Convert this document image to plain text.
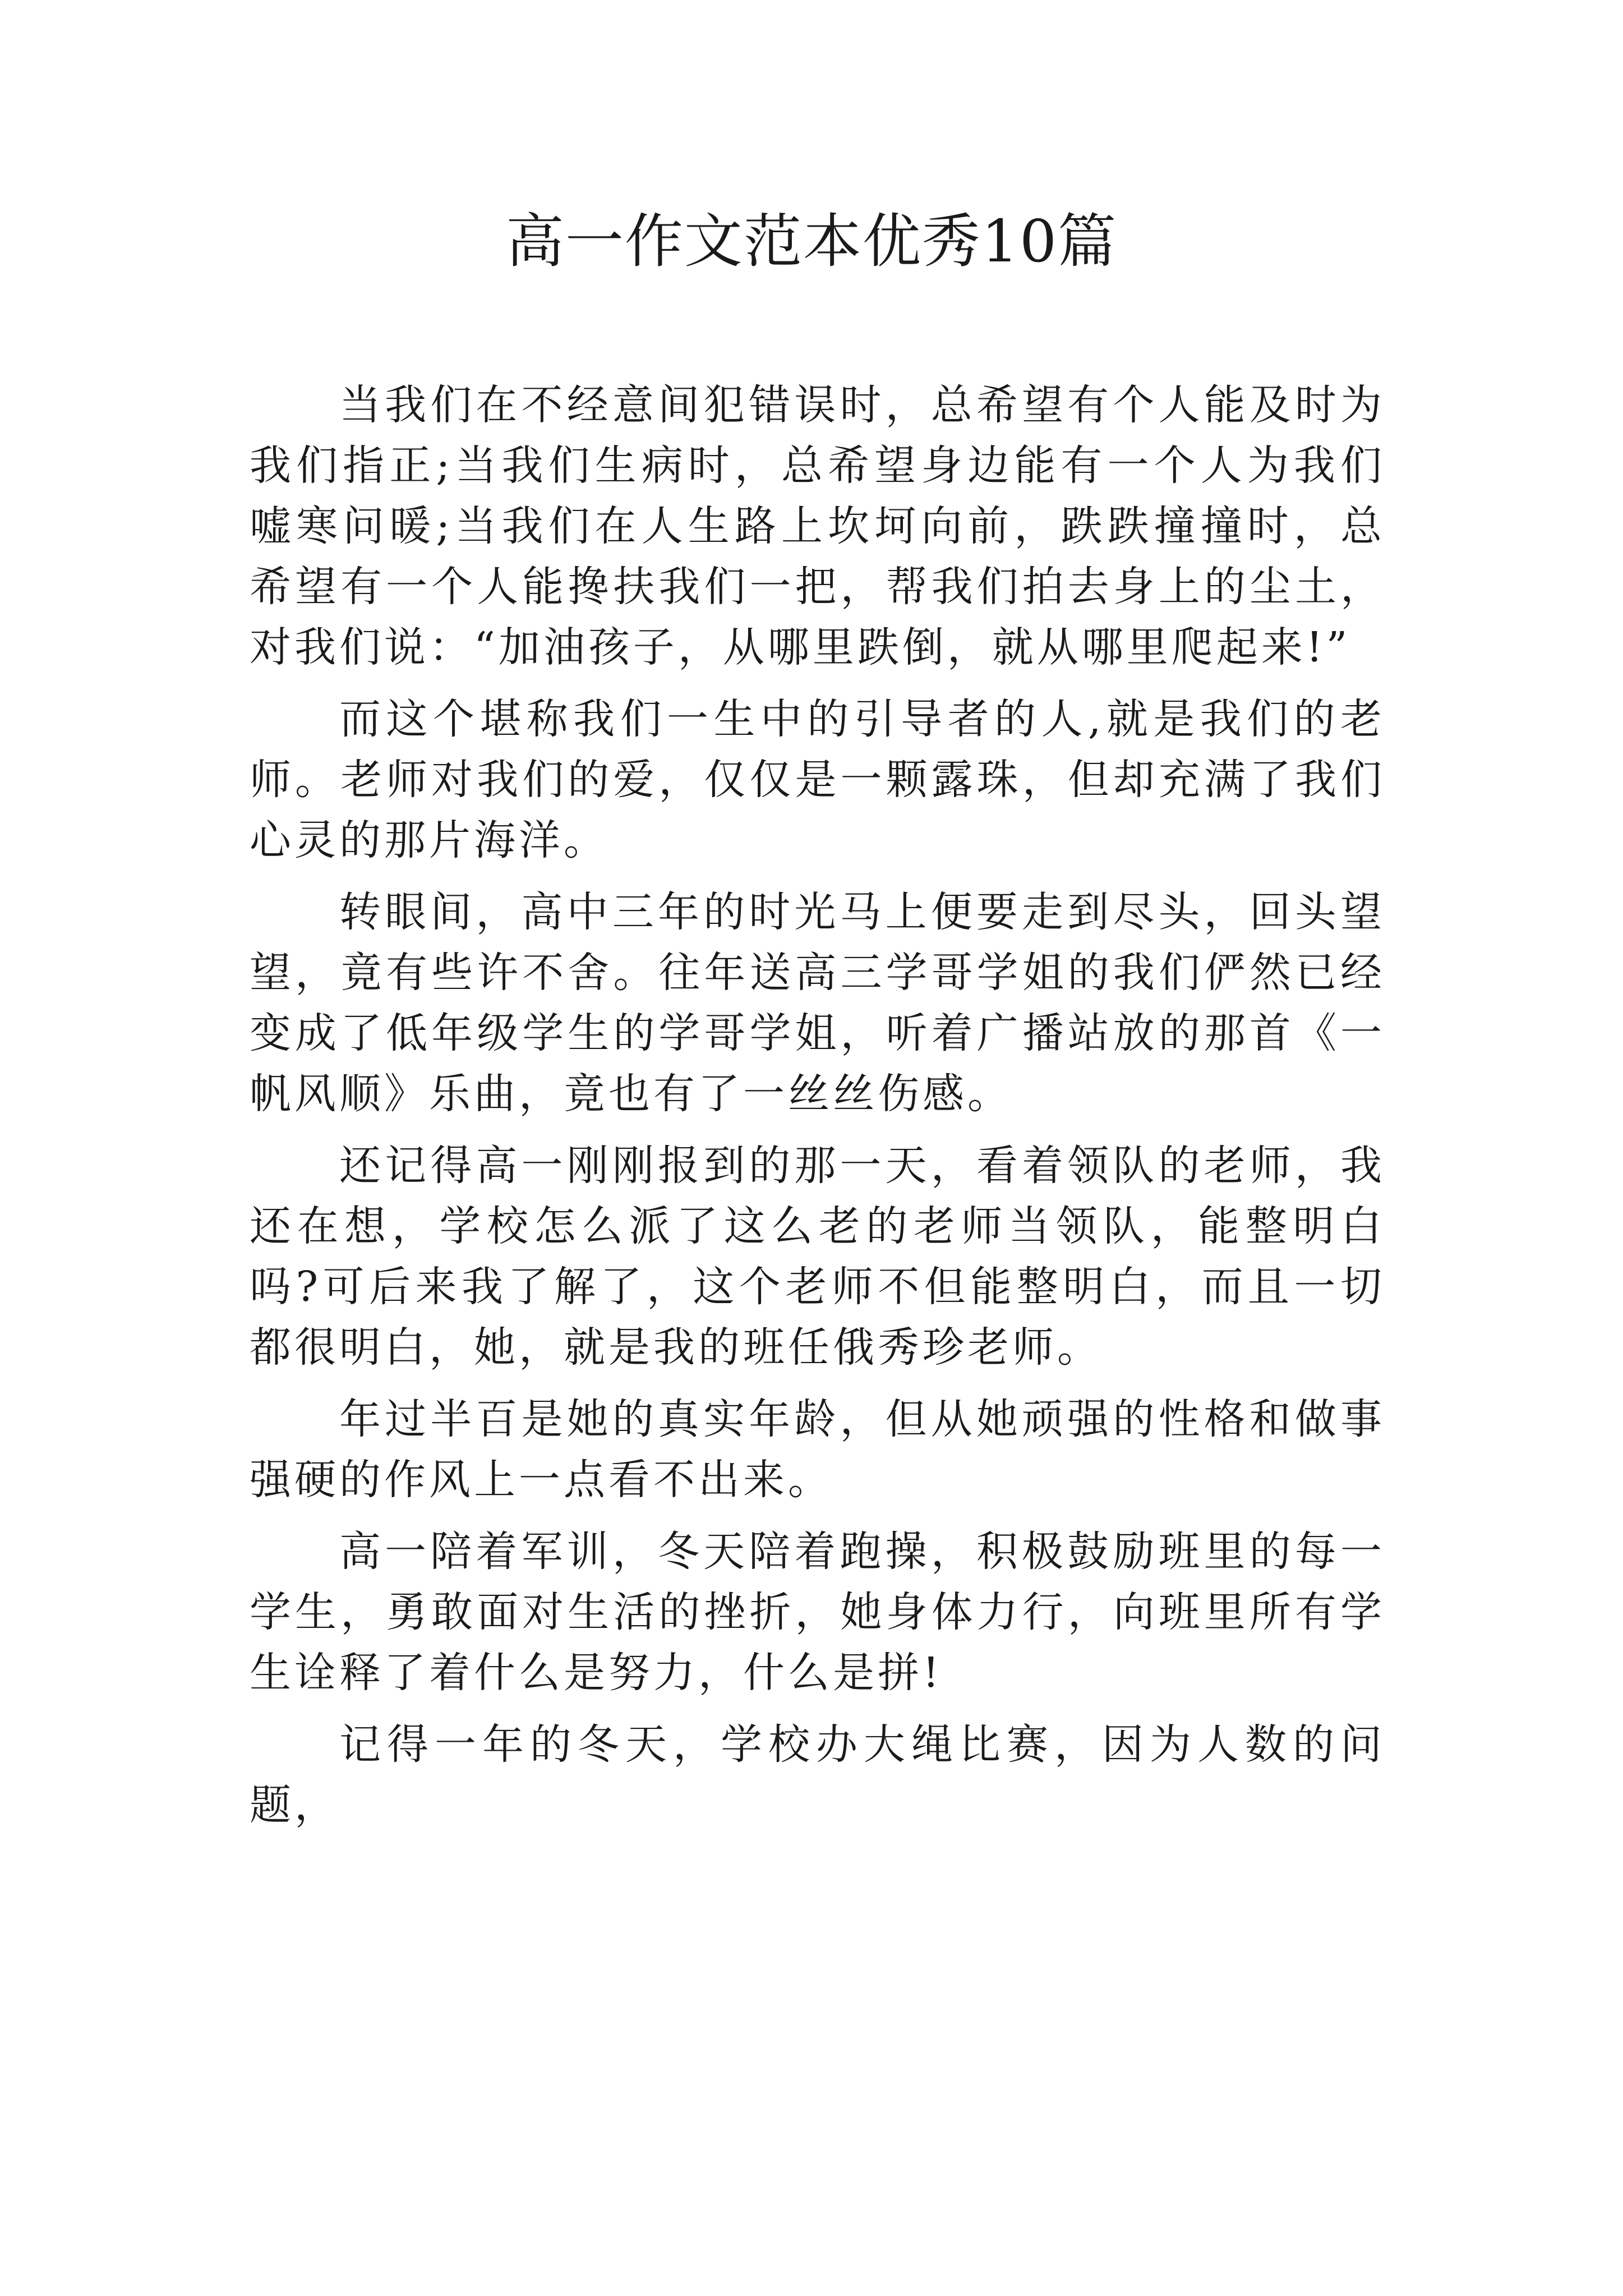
高一作文范本优秀10篇

当我们在不经意间犯错误时，总希望有个人能及时为我们指正;当我们生病时，总希望身边能有一个人为我们嘘寒问暖;当我们在人生路上坎坷向前，跌跌撞撞时，总希望有一个人能搀扶我们一把，帮我们拍去身上的尘土，对我们说：“加油孩子，从哪里跌倒，就从哪里爬起来!”

而这个堪称我们一生中的引导者的人,就是我们的老师。老师对我们的爱，仅仅是一颗露珠，但却充满了我们心灵的那片海洋。

转眼间，高中三年的时光马上便要走到尽头，回头望望，竟有些许不舍。往年送高三学哥学姐的我们俨然已经变成了低年级学生的学哥学姐，听着广播站放的那首《一帆风顺》乐曲，竟也有了一丝丝伤感。

还记得高一刚刚报到的那一天，看着领队的老师，我还在想，学校怎么派了这么老的老师当领队，能整明白吗?可后来我了解了，这个老师不但能整明白，而且一切都很明白，她，就是我的班任俄秀珍老师。

年过半百是她的真实年龄，但从她顽强的性格和做事强硬的作风上一点看不出来。

高一陪着军训，冬天陪着跑操，积极鼓励班里的每一学生，勇敢面对生活的挫折，她身体力行，向班里所有学生诠释了着什么是努力，什么是拼!

记得一年的冬天，学校办大绳比赛，因为人数的问题，
